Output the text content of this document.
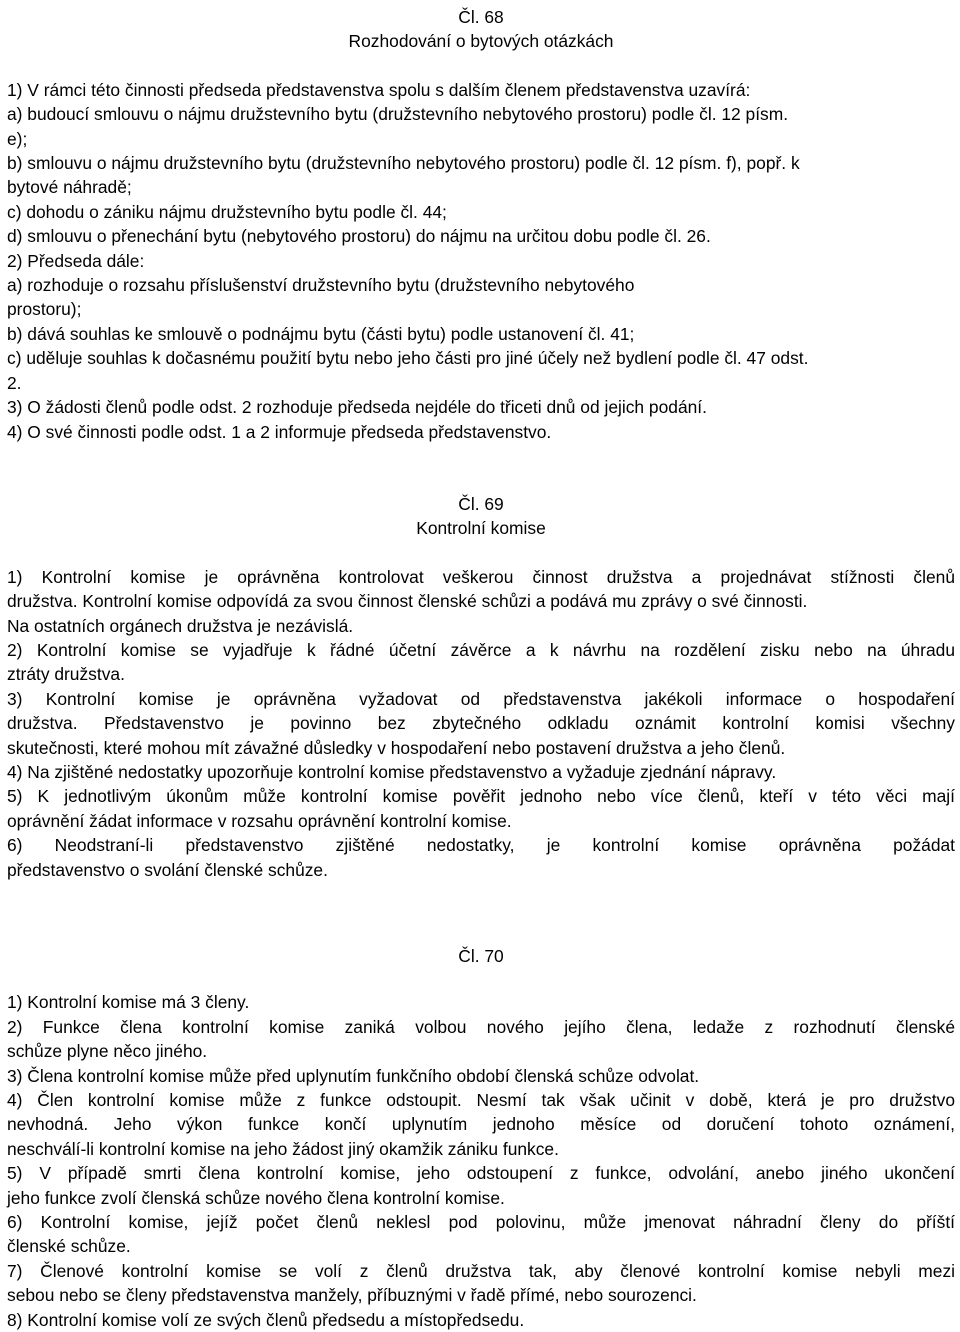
Čl. 68
Rozhodování o bytových otázkách
1) V rámci této činnosti předseda představenstva spolu s dalším členem představenstva uzavírá:
a) budoucí smlouvu o nájmu družstevního bytu (družstevního nebytového prostoru) podle čl. 12 písm.
e);
b) smlouvu o nájmu družstevního bytu (družstevního nebytového prostoru) podle čl. 12 písm. f), popř. k
bytové náhradě;
c) dohodu o zániku nájmu družstevního bytu podle čl. 44;
d) smlouvu o přenechání bytu (nebytového prostoru) do nájmu na určitou dobu podle čl. 26.
2) Předseda dále:
a) rozhoduje o rozsahu příslušenství družstevního bytu (družstevního nebytového
prostoru);
b) dává souhlas ke smlouvě o podnájmu bytu (části bytu) podle ustanovení čl. 41;
c) uděluje souhlas k dočasnému použití bytu nebo jeho části pro jiné účely než bydlení podle čl. 47 odst.
2.
3) O žádosti členů podle odst. 2 rozhoduje předseda nejdéle do třiceti dnů od jejich podání.
4) O své činnosti podle odst. 1 a 2 informuje předseda představenstvo.
Čl. 69
Kontrolní komise
1) Kontrolní komise je oprávněna kontrolovat veškerou činnost družstva a projednávat stížnosti členů
družstva. Kontrolní komise odpovídá za svou činnost členské schůzi a podává mu zprávy o své činnosti.
Na ostatních orgánech družstva je nezávislá.
2) Kontrolní komise se vyjadřuje k řádné účetní závěrce a k návrhu na rozdělení zisku nebo na úhradu
ztráty družstva.
3) Kontrolní komise je oprávněna vyžadovat od představenstva jakékoli informace o hospodaření
družstva. Představenstvo je povinno bez zbytečného odkladu oznámit kontrolní komisi všechny
skutečnosti, které mohou mít závažné důsledky v hospodaření nebo postavení družstva a jeho členů.
4) Na zjištěné nedostatky upozorňuje kontrolní komise představenstvo a vyžaduje zjednání nápravy.
5) K jednotlivým úkonům může kontrolní komise pověřit jednoho nebo více členů, kteří v této věci mají
oprávnění žádat informace v rozsahu oprávnění kontrolní komise.
6) Neodstraní-li představenstvo zjištěné nedostatky, je kontrolní komise oprávněna požádat
představenstvo o svolání členské schůze.
Čl. 70
1) Kontrolní komise má 3 členy.
2) Funkce člena kontrolní komise zaniká volbou nového jejího člena, ledaže z rozhodnutí členské
schůze plyne něco jiného.
3) Člena kontrolní komise může před uplynutím funkčního období členská schůze odvolat.
4) Člen kontrolní komise může z funkce odstoupit. Nesmí tak však učinit v době, která je pro družstvo
nevhodná. Jeho výkon funkce končí uplynutím jednoho měsíce od doručení tohoto oznámení,
neschválí-li kontrolní komise na jeho žádost jiný okamžik zániku funkce.
5) V případě smrti člena kontrolní komise, jeho odstoupení z funkce, odvolání, anebo jiného ukončení
jeho funkce zvolí členská schůze nového člena kontrolní komise.
6) Kontrolní komise, jejíž počet členů neklesl pod polovinu, může jmenovat náhradní členy do příští
členské schůze.
7) Členové kontrolní komise se volí z členů družstva tak, aby členové kontrolní komise nebyli mezi
sebou nebo se členy představenstva manžely, příbuznými v řadě přímé, nebo sourozenci.
8) Kontrolní komise volí ze svých členů předsedu a místopředsedu.
